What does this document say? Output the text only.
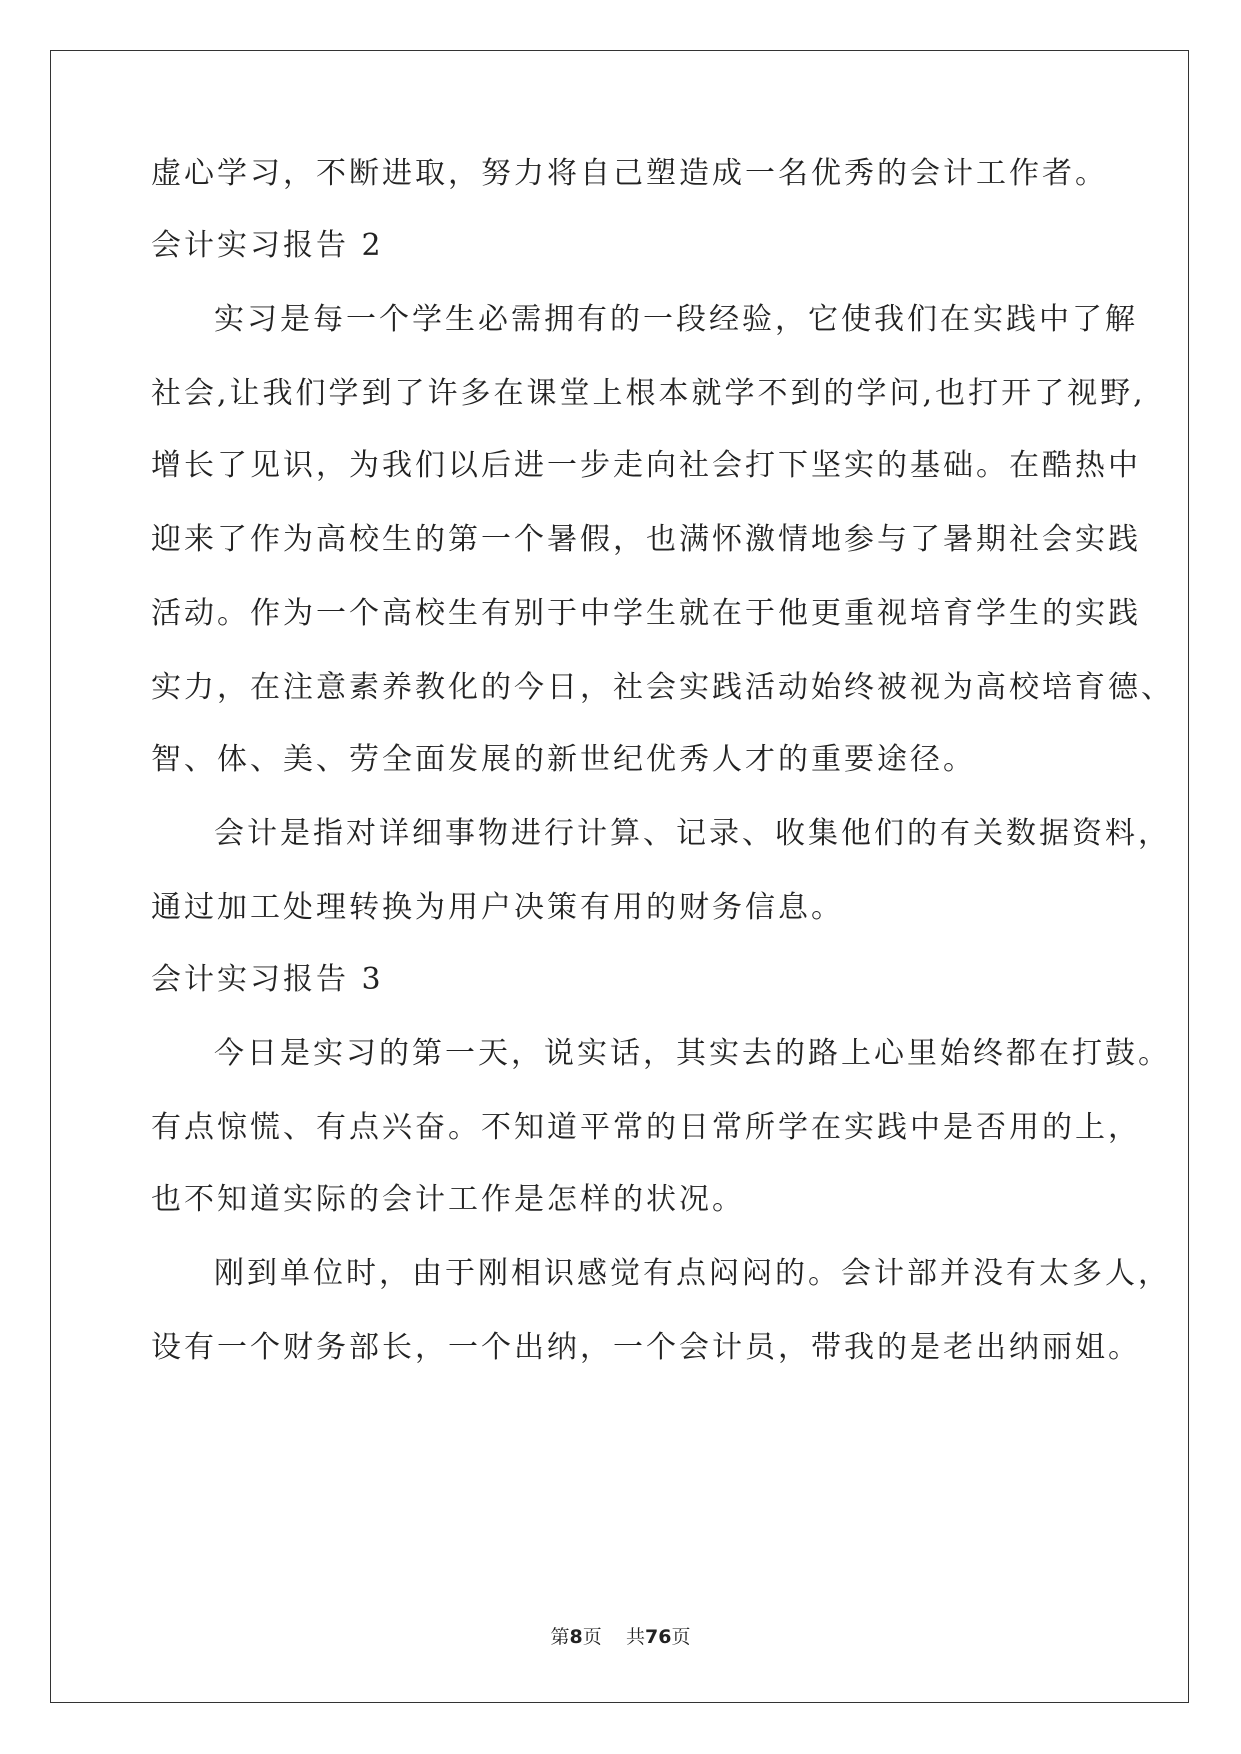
虚心学习，不断进取，努力将自己塑造成一名优秀的会计工作者。
会计实习报告 2
实习是每一个学生必需拥有的一段经验，它使我们在实践中了解
社会,让我们学到了许多在课堂上根本就学不到的学问,也打开了视野,
增长了见识，为我们以后进一步走向社会打下坚实的基础。在酷热中
迎来了作为高校生的第一个暑假，也满怀激情地参与了暑期社会实践
活动。作为一个高校生有别于中学生就在于他更重视培育学生的实践
实力，在注意素养教化的今日，社会实践活动始终被视为高校培育德、
智、体、美、劳全面发展的新世纪优秀人才的重要途径。
会计是指对详细事物进行计算、记录、收集他们的有关数据资料，
通过加工处理转换为用户决策有用的财务信息。
会计实习报告 3
今日是实习的第一天，说实话，其实去的路上心里始终都在打鼓。
有点惊慌、有点兴奋。不知道平常的日常所学在实践中是否用的上，
也不知道实际的会计工作是怎样的状况。
刚到单位时，由于刚相识感觉有点闷闷的。会计部并没有太多人，
设有一个财务部长，一个出纳，一个会计员，带我的是老出纳丽姐。
第8页 共76页
